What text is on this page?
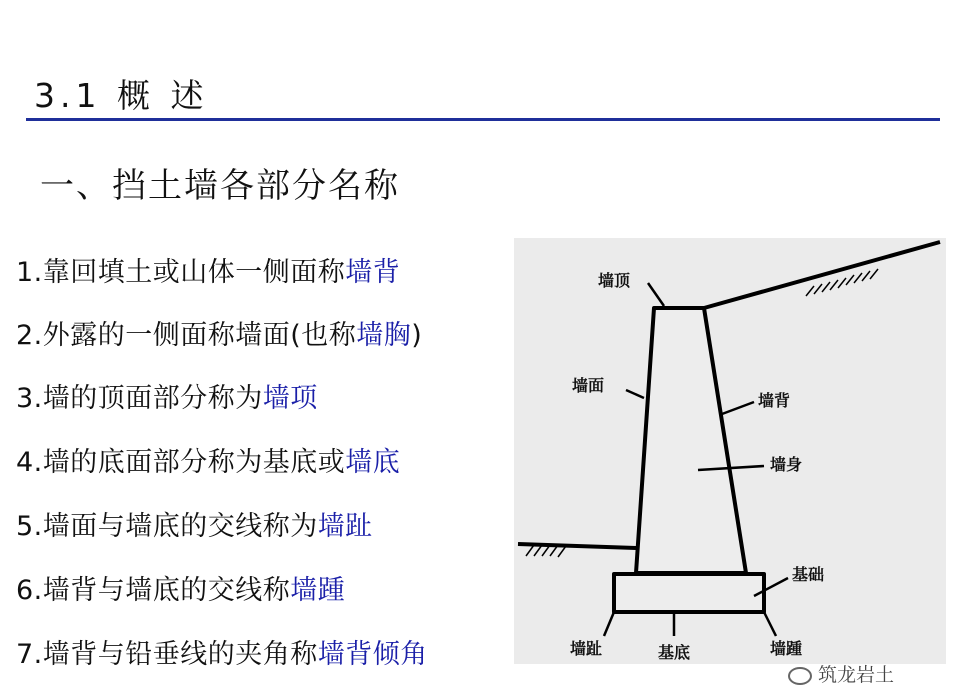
3.1 概 述
一、挡土墙各部分名称
1.靠回填土或山体一侧面称墙背
2.外露的一侧面称墙面(也称墙胸)
3.墙的顶面部分称为墙项
4.墙的底面部分称为基底或墙底
5.墙面与墙底的交线称为墙趾
6.墙背与墙底的交线称墙踵
7.墙背与铅垂线的夹角称墙背倾角
墙顶
墙面
墙背
墙身
基础
墙趾	基底	墙踵
筑龙岩土
